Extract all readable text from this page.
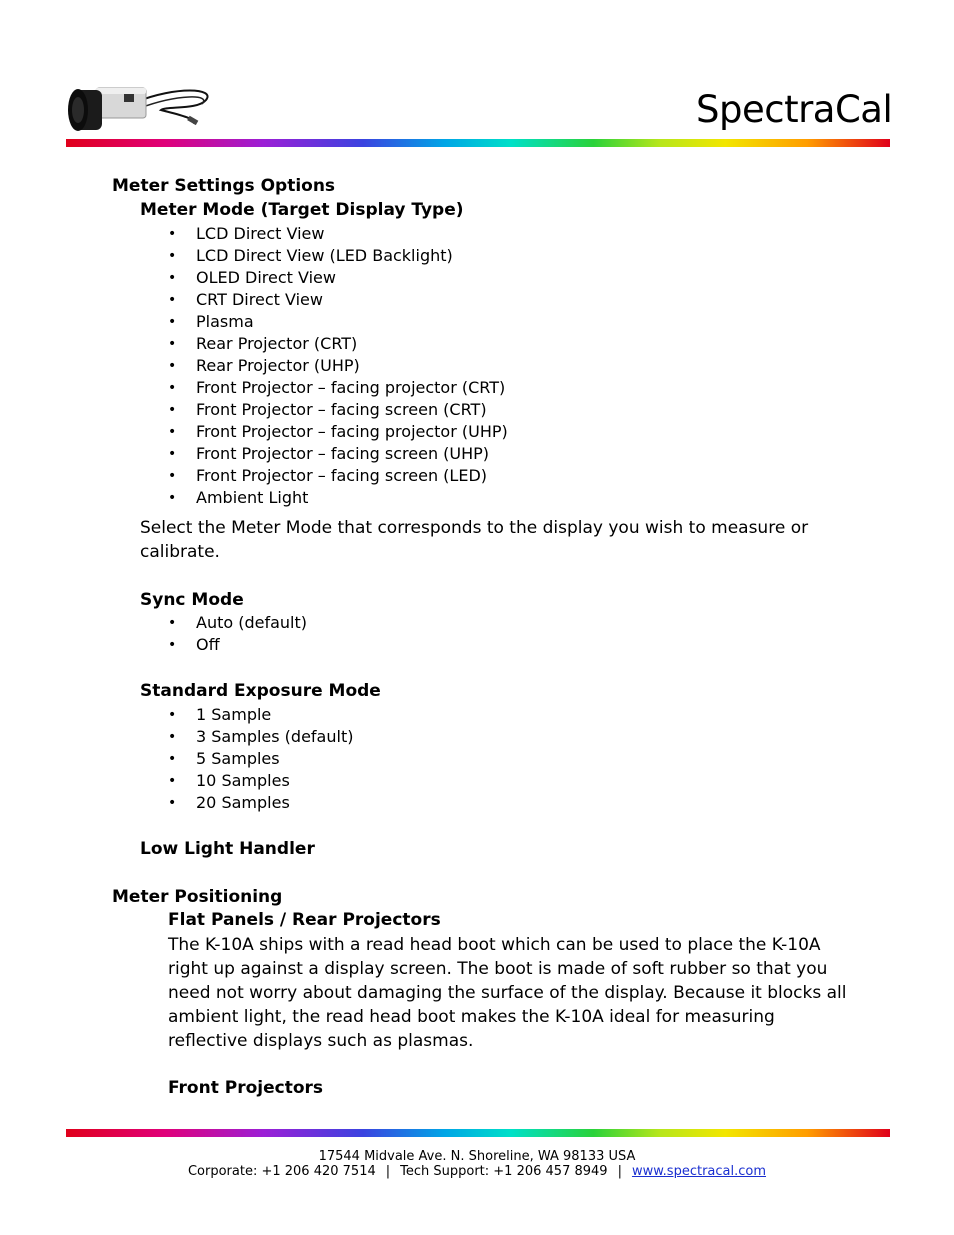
SpectraCal
Meter Settings Options
Meter Mode (Target Display Type)
• LCD Direct View
• LCD Direct View (LED Backlight)
• OLED Direct View
• CRT Direct View
• Plasma
• Rear Projector (CRT)
• Rear Projector (UHP)
• Front Projector – facing projector (CRT)
• Front Projector – facing screen (CRT)
• Front Projector – facing projector (UHP)
• Front Projector – facing screen (UHP)
• Front Projector – facing screen (LED)
• Ambient Light
Select the Meter Mode that corresponds to the display you wish to measure or
calibrate.
Sync Mode
• Auto (default)
• Off
Standard Exposure Mode
• 1 Sample
• 3 Samples (default)
• 5 Samples
• 10 Samples
• 20 Samples
Low Light Handler
Meter Positioning
Flat Panels / Rear Projectors
The K-10A ships with a read head boot which can be used to place the K-10A
right up against a display screen. The boot is made of soft rubber so that you
need not worry about damaging the surface of the display. Because it blocks all
ambient light, the read head boot makes the K-10A ideal for measuring
reflective displays such as plasmas.
Front Projectors
17544 Midvale Ave. N. Shoreline, WA 98133 USA
Corporate: +1 206 420 7514 | Tech Support: +1 206 457 8949 | www.spectracal.com
